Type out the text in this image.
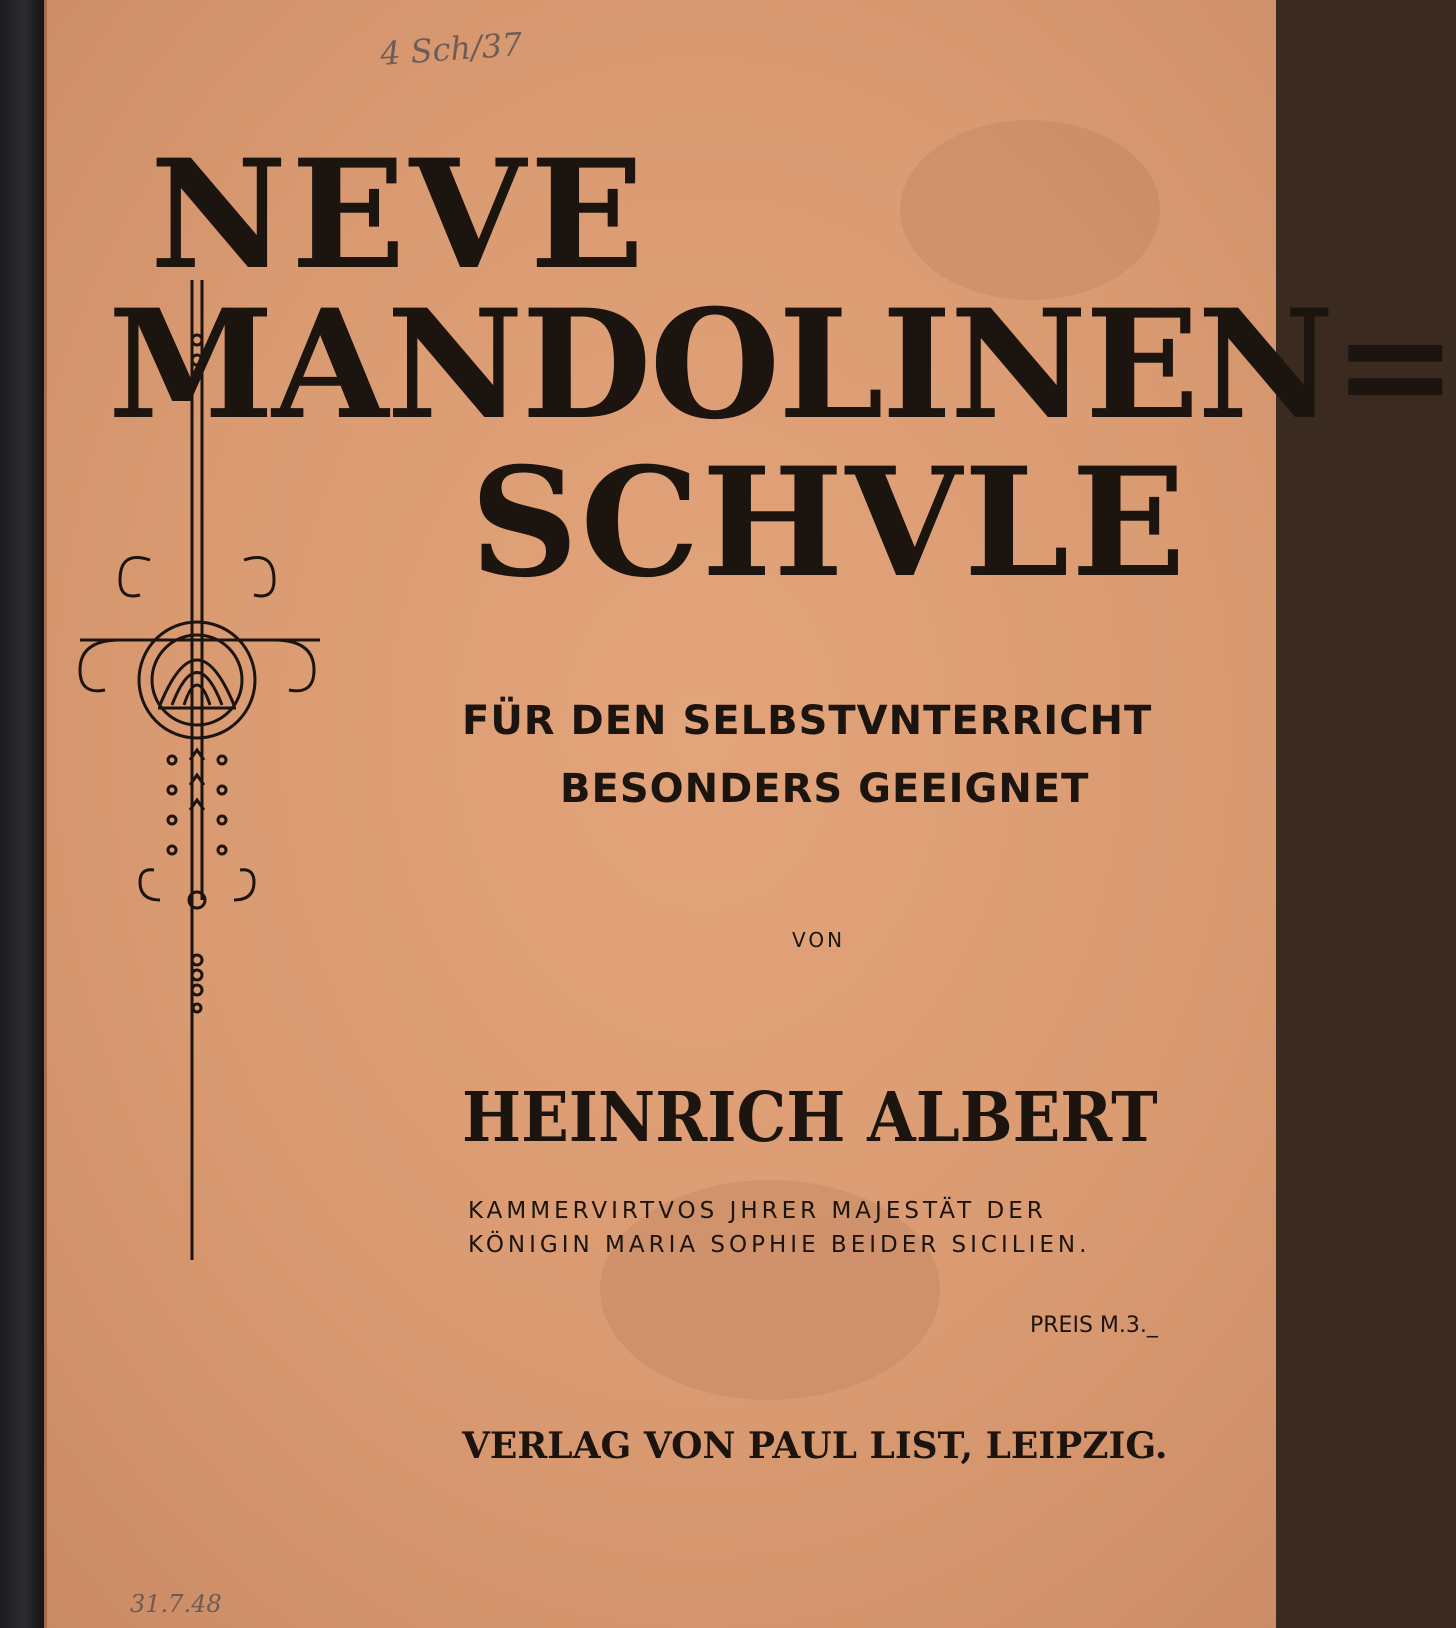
NEVE
MANDOLINEN=
SCHVLE

FÜR DEN SELBSTVNTERRICHT

BESONDERS GEEIGNET

VON
HEINRICH ALBERT
KAMMERVIRTVOS JHRER MAJESTÄT DER
KÖNIGIN MARIA SOPHIE BEIDER SICILIEN.
PREIS M.3._
VERLAG VON PAUL LIST, LEIPZIG.
4 Sch/37
31.7.48
